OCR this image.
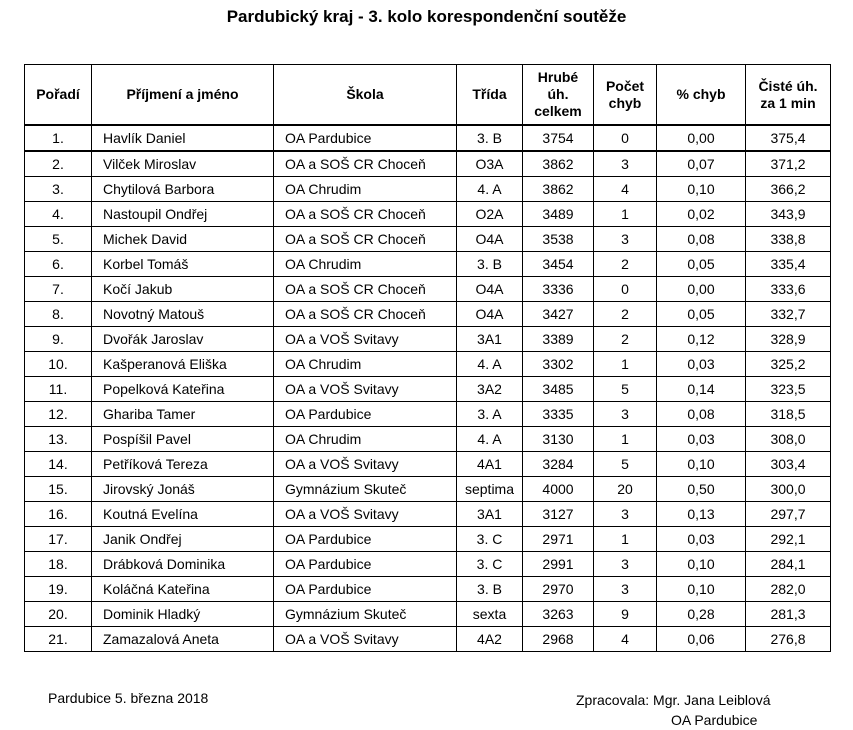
Pardubický kraj - 3. kolo korespondenční soutěže
Pořadí	Příjmení a jméno	Škola	Třída	Hrubé úh. celkem	Počet chyb	% chyb	Čisté úh. za 1 min
1.	Havlík Daniel	OA Pardubice	3. B	3754	0	0,00	375,4
2.	Vilček Miroslav	OA a SOŠ CR Choceň	O3A	3862	3	0,07	371,2
3.	Chytilová Barbora	OA Chrudim	4. A	3862	4	0,10	366,2
4.	Nastoupil Ondřej	OA a SOŠ CR Choceň	O2A	3489	1	0,02	343,9
5.	Michek David	OA a SOŠ CR Choceň	O4A	3538	3	0,08	338,8
6.	Korbel Tomáš	OA Chrudim	3. B	3454	2	0,05	335,4
7.	Kočí Jakub	OA a SOŠ CR Choceň	O4A	3336	0	0,00	333,6
8.	Novotný Matouš	OA a SOŠ CR Choceň	O4A	3427	2	0,05	332,7
9.	Dvořák Jaroslav	OA a VOŠ Svitavy	3A1	3389	2	0,12	328,9
10.	Kašperanová Eliška	OA Chrudim	4. A	3302	1	0,03	325,2
11.	Popelková Kateřina	OA a VOŠ Svitavy	3A2	3485	5	0,14	323,5
12.	Ghariba Tamer	OA Pardubice	3. A	3335	3	0,08	318,5
13.	Pospíšil Pavel	OA Chrudim	4. A	3130	1	0,03	308,0
14.	Petříková Tereza	OA a VOŠ Svitavy	4A1	3284	5	0,10	303,4
15.	Jirovský Jonáš	Gymnázium Skuteč	septima	4000	20	0,50	300,0
16.	Koutná Evelína	OA a VOŠ Svitavy	3A1	3127	3	0,13	297,7
17.	Janik Ondřej	OA Pardubice	3. C	2971	1	0,03	292,1
18.	Drábková Dominika	OA Pardubice	3. C	2991	3	0,10	284,1
19.	Koláčná Kateřina	OA Pardubice	3. B	2970	3	0,10	282,0
20.	Dominik Hladký	Gymnázium Skuteč	sexta	3263	9	0,28	281,3
21.	Zamazalová Aneta	OA a VOŠ Svitavy	4A2	2968	4	0,06	276,8
Pardubice 5. března 2018	Zpracovala: Mgr. Jana Leiblová
OA Pardubice
